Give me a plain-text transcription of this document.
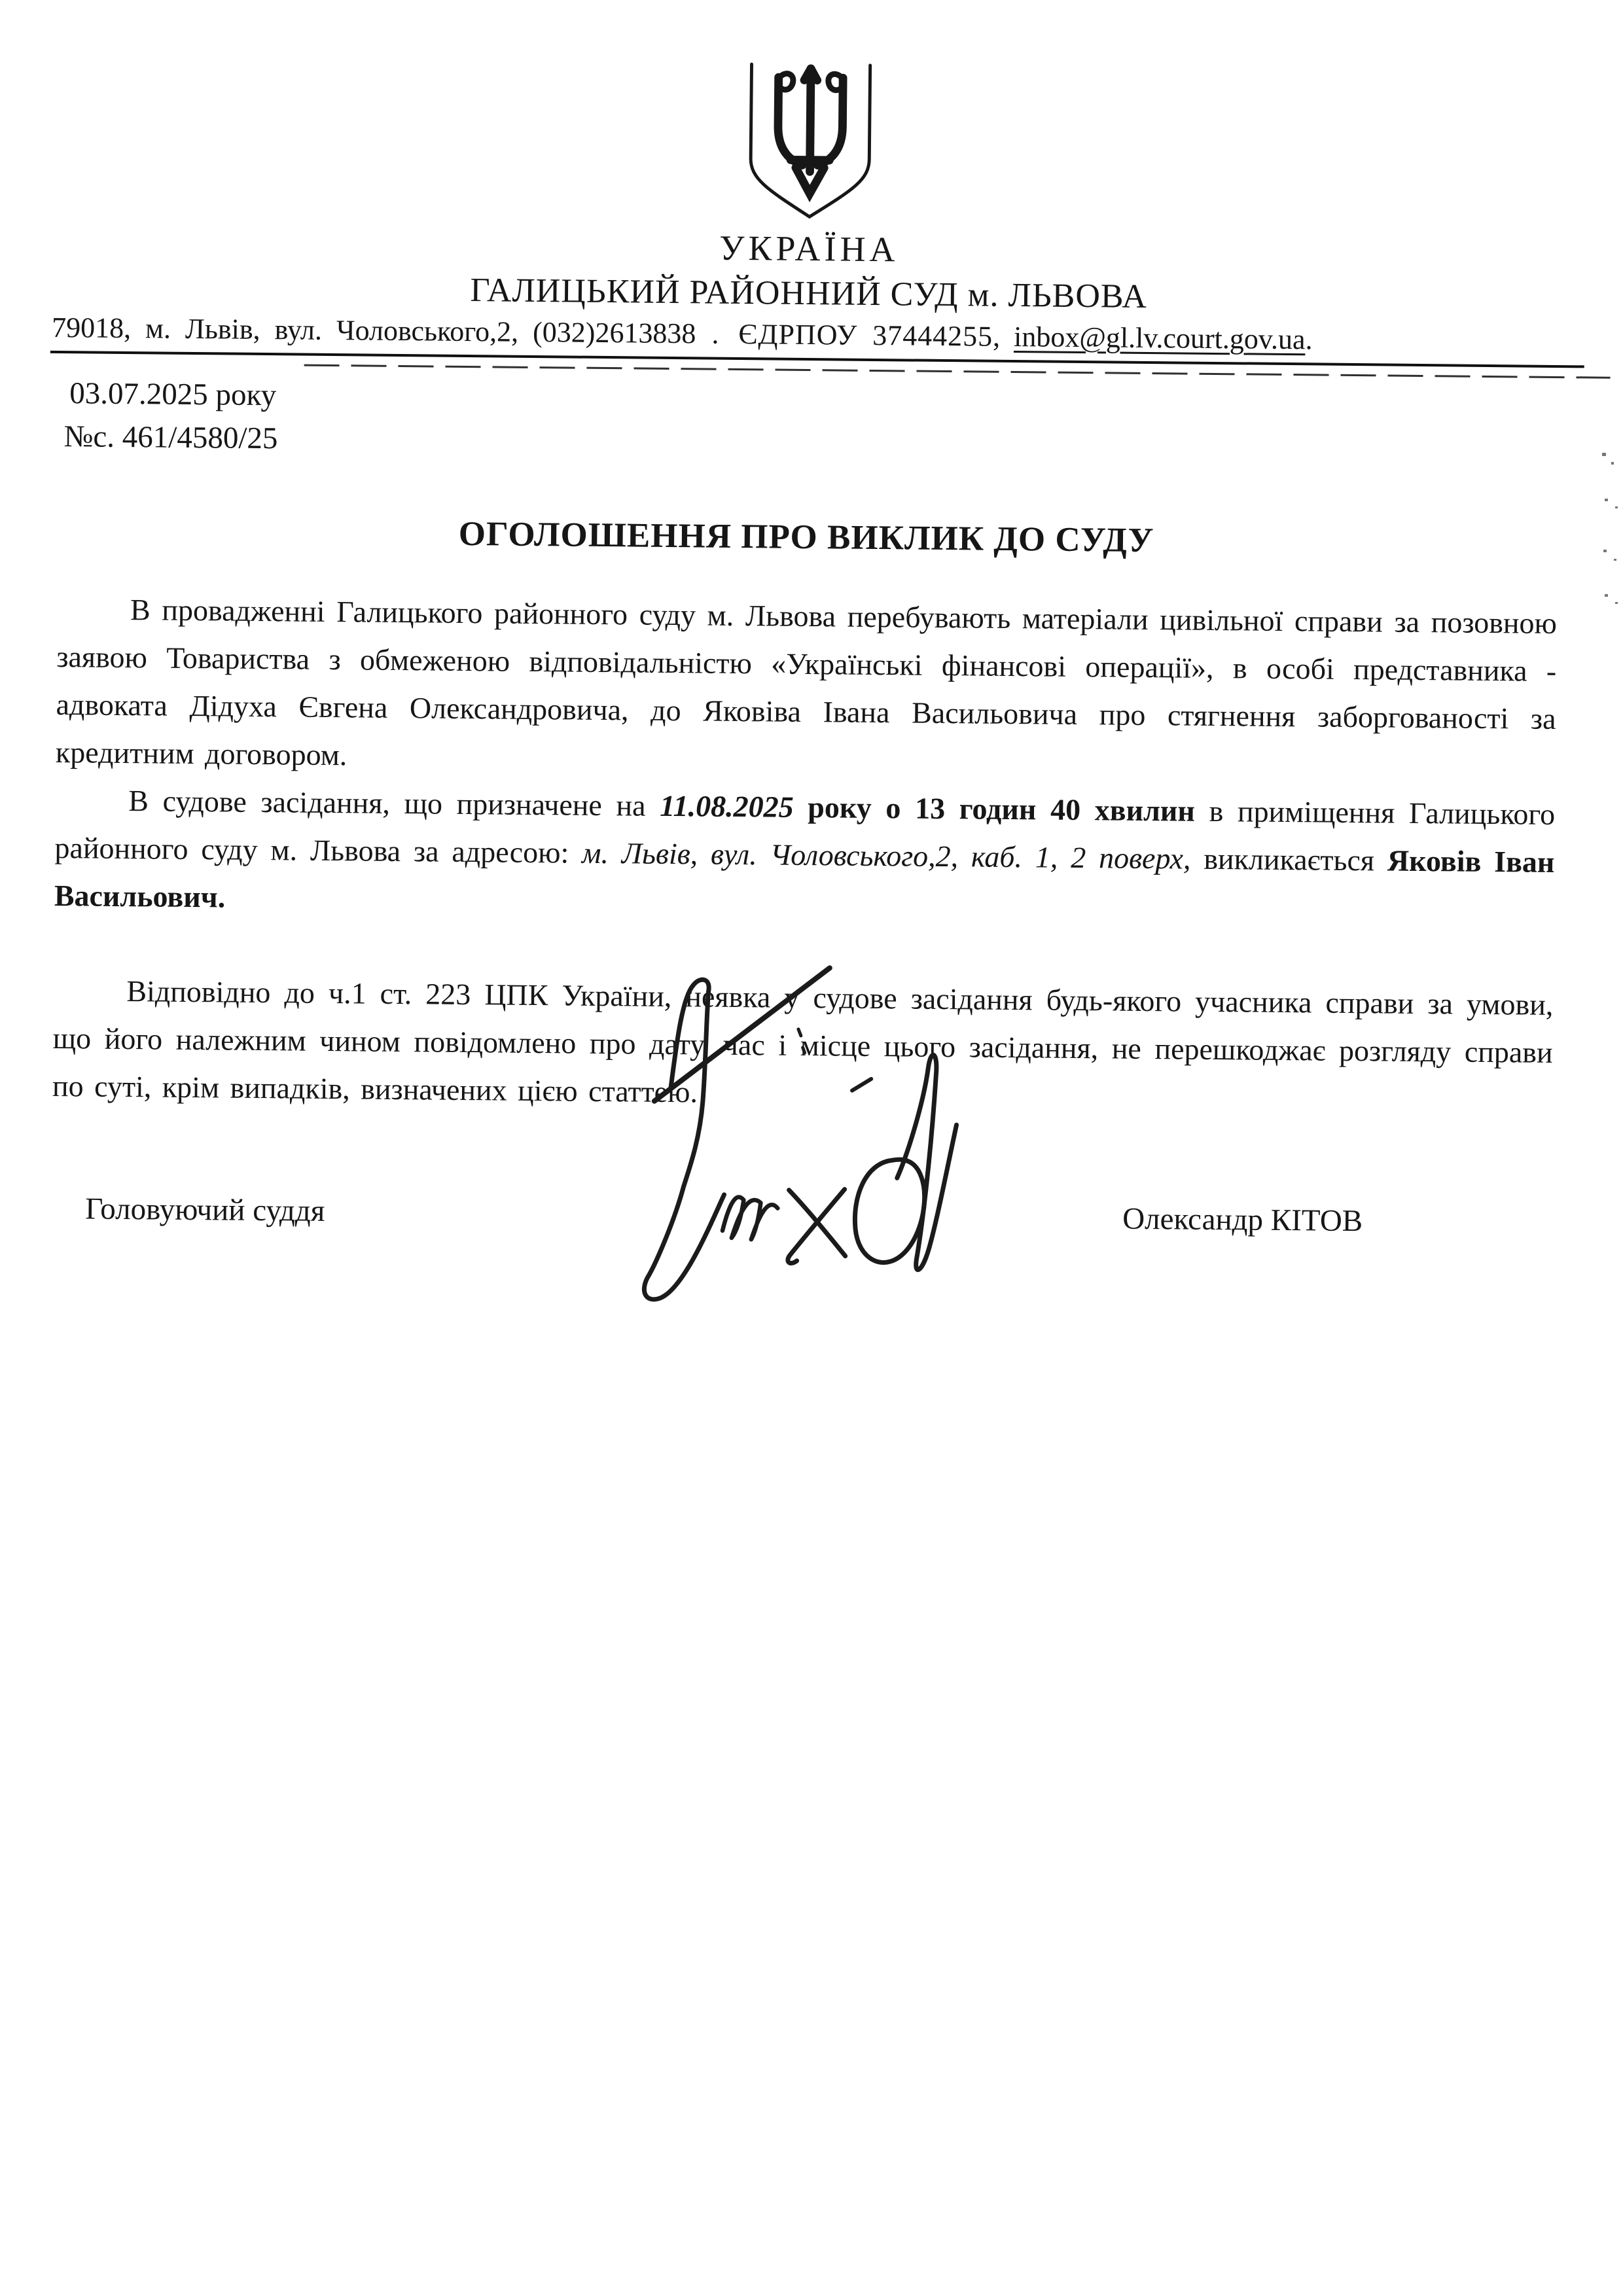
УКРАЇНА
ГАЛИЦЬКИЙ РАЙОННИЙ СУД м. ЛЬВОВА
79018, м. Львів, вул. Чоловського,2, (032)2613838 . ЄДРПОУ 37444255, inbox@gl.lv.court.gov.ua.
03.07.2025 року
№с. 461/4580/25
ОГОЛОШЕННЯ ПРО ВИКЛИК ДО СУДУ

В провадженні Галицького районного суду м. Львова перебувають матеріали цивільної справи за позовною заявою Товариства з обмеженою відповідальністю «Українські фінансові операції», в особі представника - адвоката Дідуха Євгена Олександровича, до Яковіва Івана Васильовича про стягнення заборгованості за кредитним договором.

В судове засідання, що призначене на 11.08.2025 року о 13 годин 40 хвилин в приміщення Галицького районного суду м. Львова за адресою: м. Львів, вул. Чоловського,2, каб. 1, 2 поверх, викликається Яковів Іван Васильович.

Відповідно до ч.1 ст. 223 ЦПК України, неявка у судове засідання будь-якого учасника справи за умови, що його належним чином повідомлено про дату, час і місце цього засідання, не перешкоджає розгляду справи по суті, крім випадків, визначених цією статтею.

Головуючий суддя	Олександр КІТОВ
